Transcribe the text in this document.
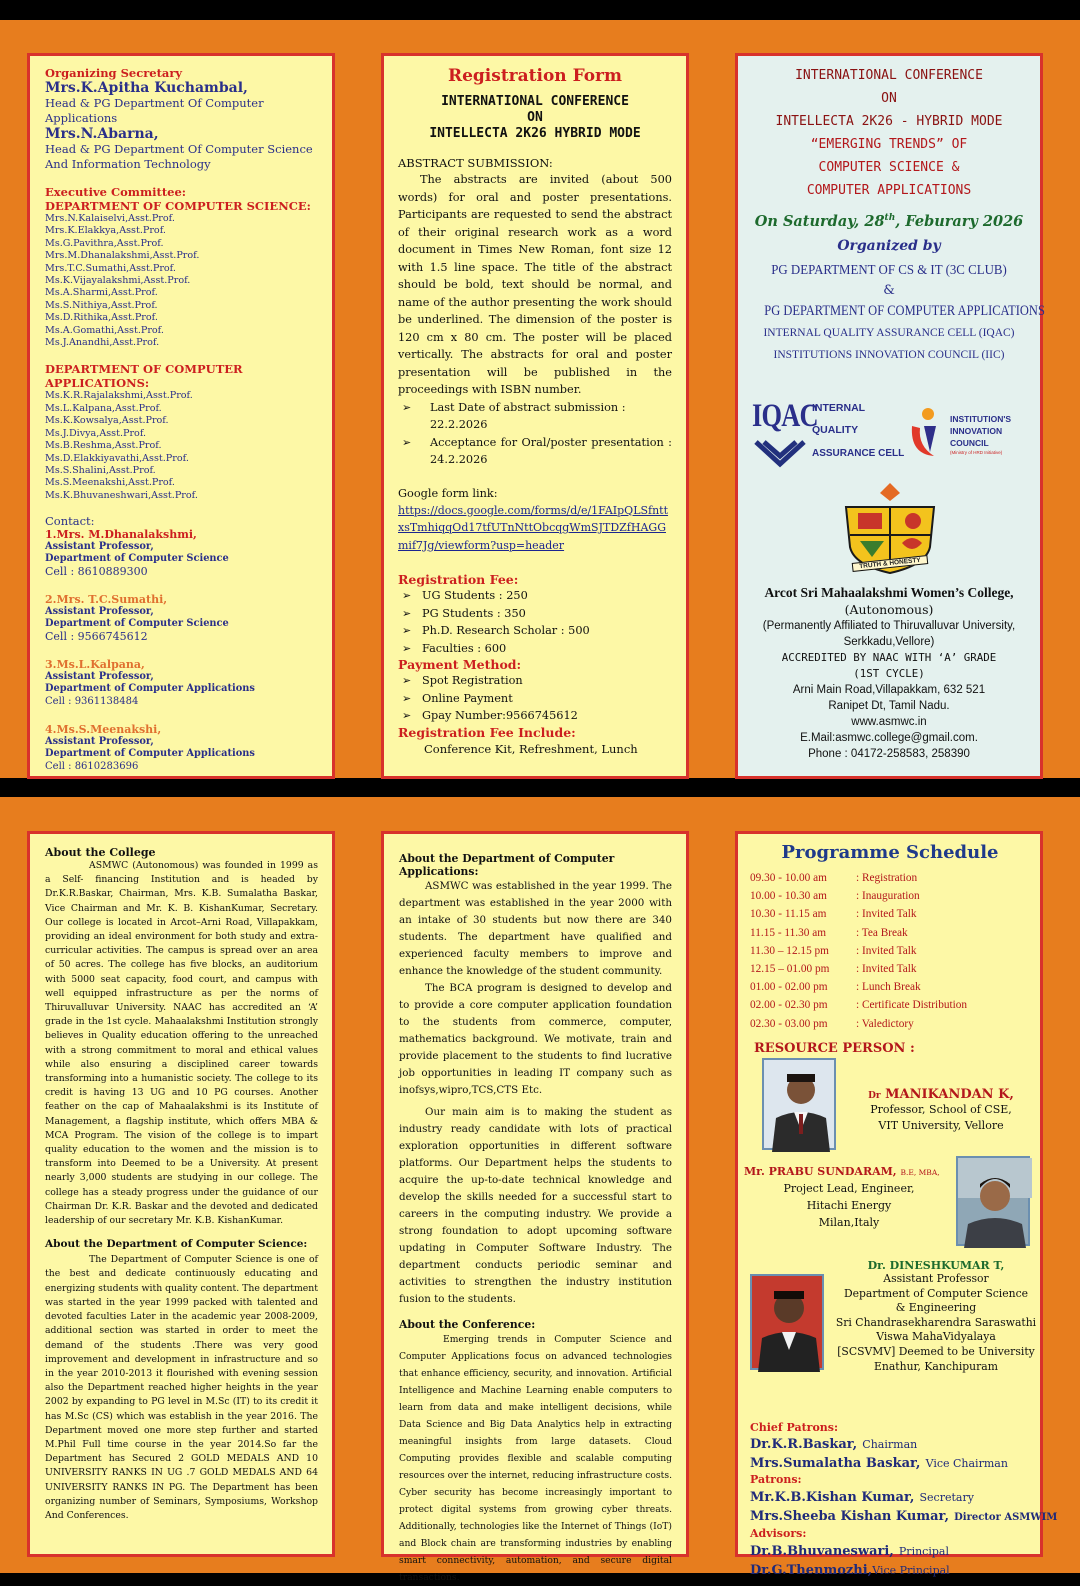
Organizing Secretary
Mrs.K.Apitha Kuchambal,
Head & PG Department Of Computer Applications
Mrs.N.Abarna,
Head & PG Department Of Computer Science
And Information Technology
Executive Committee:
DEPARTMENT OF COMPUTER SCIENCE:
Mrs.N.Kalaiselvi,Asst.Prof.
Mrs.K.Elakkya,Asst.Prof.
Ms.G.Pavithra,Asst.Prof.
Mrs.M.Dhanalakshmi,Asst.Prof.
Mrs.T.C.Sumathi,Asst.Prof.
Ms.K.Vijayalakshmi,Asst.Prof.
Ms.A.Sharmi,Asst.Prof.
Ms.S.Nithiya,Asst.Prof.
Ms.D.Rithika,Asst.Prof.
Ms.A.Gomathi,Asst.Prof.
Ms.J.Anandhi,Asst.Prof.
DEPARTMENT OF COMPUTER APPLICATIONS:
Ms.K.R.Rajalakshmi,Asst.Prof.
Ms.L.Kalpana,Asst.Prof.
Ms.K.Kowsalya,Asst.Prof.
Ms.J.Divya,Asst.Prof.
Ms.B.Reshma,Asst.Prof.
Ms.D.Elakkiyavathi,Asst.Prof.
Ms.S.Shalini,Asst.Prof.
Ms.S.Meenakshi,Asst.Prof.
Ms.K.Bhuvaneshwari,Asst.Prof.
Contact:
1.Mrs. M.Dhanalakshmi,
Assistant Professor,
Department of Computer Science
Cell : 8610889300
2.Mrs. T.C.Sumathi,
Assistant Professor,
Department of Computer Science
Cell : 9566745612
3.Ms.L.Kalpana,
Assistant Professor,
Department of Computer Applications
Cell : 9361138484
4.Ms.S.Meenakshi,
Assistant Professor,
Department of Computer Applications
Cell : 8610283696
Registration Form
INTERNATIONAL CONFERENCE
ON
INTELLECTA 2K26 HYBRID MODE
ABSTRACT SUBMISSION:
The abstracts are invited (about 500 words) for oral and poster presentations. Participants are requested to send the abstract of their original research work as a word document in Times New Roman, font size 12 with 1.5 line space. The title of the abstract should be bold, text should be normal, and name of the author presenting the work should be underlined. The dimension of the poster is 120 cm x 80 cm. The poster will be placed vertically. The abstracts for oral and poster presentation will be published in the proceedings with ISBN number.
➢ Last Date of abstract submission : 22.2.2026
➢ Acceptance for Oral/poster presentation : 24.2.2026
Google form link:
https://docs.google.com/forms/d/e/1FAIpQLSfnttxsTmhiqqOd17tfUTnNttObcqgWmSJTDZfHAGGmif7Jg/viewform?usp=header
Registration Fee:
➢ UG Students : 250
➢ PG Students : 350
➢ Ph.D. Research Scholar : 500
➢ Faculties : 600
Payment Method:
➢ Spot Registration
➢ Online Payment
➢ Gpay Number:9566745612
Registration Fee Include:
Conference Kit, Refreshment, Lunch
INTERNATIONAL CONFERENCE
ON
INTELLECTA 2K26 - HYBRID MODE
“EMERGING TRENDS” OF
COMPUTER SCIENCE &
COMPUTER APPLICATIONS
On Saturday, 28th, Feburary 2026
Organized by
PG DEPARTMENT OF CS & IT (3C CLUB)
&
PG DEPARTMENT OF COMPUTER APPLICATIONS
INTERNAL QUALITY ASSURANCE CELL (IQAC)
INSTITUTIONS INNOVATION COUNCIL (IIC)
IQAC
INTERNAL
QUALITY
ASSURANCE CELL
INSTITUTION'S
INNOVATION
COUNCIL
(Ministry of HRD Initiative)
TRUTH & HONESTY
Arcot Sri Mahaalakshmi Women’s College,
(Autonomous)
(Permanently Affiliated to Thiruvalluvar University,
Serkkadu,Vellore)
ACCREDITED BY NAAC WITH ‘A’ GRADE
(1ST CYCLE)
Arni Main Road,Villapakkam, 632 521
Ranipet Dt, Tamil Nadu.
www.asmwc.in
E.Mail:asmwc.college@gmail.com.
Phone : 04172-258583, 258390
About the College
ASMWC (Autonomous) was founded in 1999 as a Self- financing Institution and is headed by Dr.K.R.Baskar, Chairman, Mrs. K.B. Sumalatha Baskar, Vice Chairman and Mr. K. B. KishanKumar, Secretary. Our college is located in Arcot–Arni Road, Villapakkam, providing an ideal environment for both study and extra-curricular activities. The campus is spread over an area of 50 acres. The college has five blocks, an auditorium with 5000 seat capacity, food court, and campus with well equipped infrastructure as per the norms of Thiruvalluvar University. NAAC has accredited an ‘A’ grade in the 1st cycle. Mahaalakshmi Institution strongly believes in Quality education offering to the unreached with a strong commitment to moral and ethical values while also ensuring a disciplined career towards transforming into a humanistic society. The college to its credit is having 13 UG and 10 PG courses. Another feather on the cap of Mahaalakshmi is its Institute of Management, a flagship institute, which offers MBA & MCA Program. The vision of the college is to impart quality education to the women and the mission is to transform into Deemed to be a University. At present nearly 3,000 students are studying in our college. The college has a steady progress under the guidance of our Chairman Dr. K.R. Baskar and the devoted and dedicated leadership of our secretary Mr. K.B. KishanKumar.
About the Department of Computer Science:
The Department of Computer Science is one of the best and dedicate continuously educating and energizing students with quality content. The department was started in the year 1999 packed with talented and devoted faculties Later in the academic year 2008-2009, additional section was started in order to meet the demand of the students .There was very good improvement and development in infrastructure and so in the year 2010-2013 it flourished with evening session also the Department reached higher heights in the year 2002 by expanding to PG level in M.Sc (IT) to its credit it has M.Sc (CS) which was establish in the year 2016. The Department moved one more step further and started M.Phil Full time course in the year 2014.So far the Department has Secured 2 GOLD MEDALS AND 10 UNIVERSITY RANKS IN UG .7 GOLD MEDALS AND 64 UNIVERSITY RANKS IN PG. The Department has been organizing number of Seminars, Symposiums, Workshop And Conferences.
About the Department of Computer Applications:
ASMWC was established in the year 1999. The department was established in the year 2000 with an intake of 30 students but now there are 340 students. The department have qualified and experienced faculty members to improve and enhance the knowledge of the student community.
The BCA program is designed to develop and to provide a core computer application foundation to the students from commerce, computer, mathematics background. We motivate, train and provide placement to the students to find lucrative job opportunities in leading IT company such as inofsys,wipro,TCS,CTS Etc.
Our main aim is to making the student as industry ready candidate with lots of practical exploration opportunities in different software platforms. Our Department helps the students to acquire the up-to-date technical knowledge and develop the skills needed for a successful start to careers in the computing industry. We provide a strong foundation to adopt upcoming software updating in Computer Software Industry. The department conducts periodic seminar and activities to strengthen the industry institution fusion to the students.
About the Conference:
Emerging trends in Computer Science and Computer Applications focus on advanced technologies that enhance efficiency, security, and innovation. Artificial Intelligence and Machine Learning enable computers to learn from data and make intelligent decisions, while Data Science and Big Data Analytics help in extracting meaningful insights from large datasets. Cloud Computing provides flexible and scalable computing resources over the internet, reducing infrastructure costs. Cyber security has become increasingly important to protect digital systems from growing cyber threats. Additionally, technologies like the Internet of Things (IoT) and Block chain are transforming industries by enabling smart connectivity, automation, and secure digital transactions.
Programme Schedule
09.30 - 10.00 am	: Registration
10.00 - 10.30 am	: Inauguration
10.30 - 11.15 am	: Invited Talk
11.15 - 11.30 am	: Tea Break
11.30 – 12.15 pm	: Invited Talk
12.15 – 01.00 pm	: Invited Talk
01.00 - 02.00 pm	: Lunch Break
02.00 - 02.30 pm	: Certificate Distribution
02.30 - 03.00 pm	: Valedictory
RESOURCE PERSON :
Dr MANIKANDAN K,
Professor, School of CSE,
VIT University, Vellore
Mr. PRABU SUNDARAM, B.E, MBA,
Project Lead, Engineer,
Hitachi Energy
Milan,Italy
Dr. DINESHKUMAR T,
Assistant Professor
Department of Computer Science
& Engineering
Sri Chandrasekharendra Saraswathi
Viswa MahaVidyalaya
[SCSVMV] Deemed to be University
Enathur, Kanchipuram
Chief Patrons:
Dr.K.R.Baskar, Chairman
Mrs.Sumalatha Baskar, Vice Chairman
Patrons:
Mr.K.B.Kishan Kumar, Secretary
Mrs.Sheeba Kishan Kumar, Director ASMWIM
Advisors:
Dr.B.Bhuvaneswari, Principal
Dr.G.Thenmozhi,Vice Principal
